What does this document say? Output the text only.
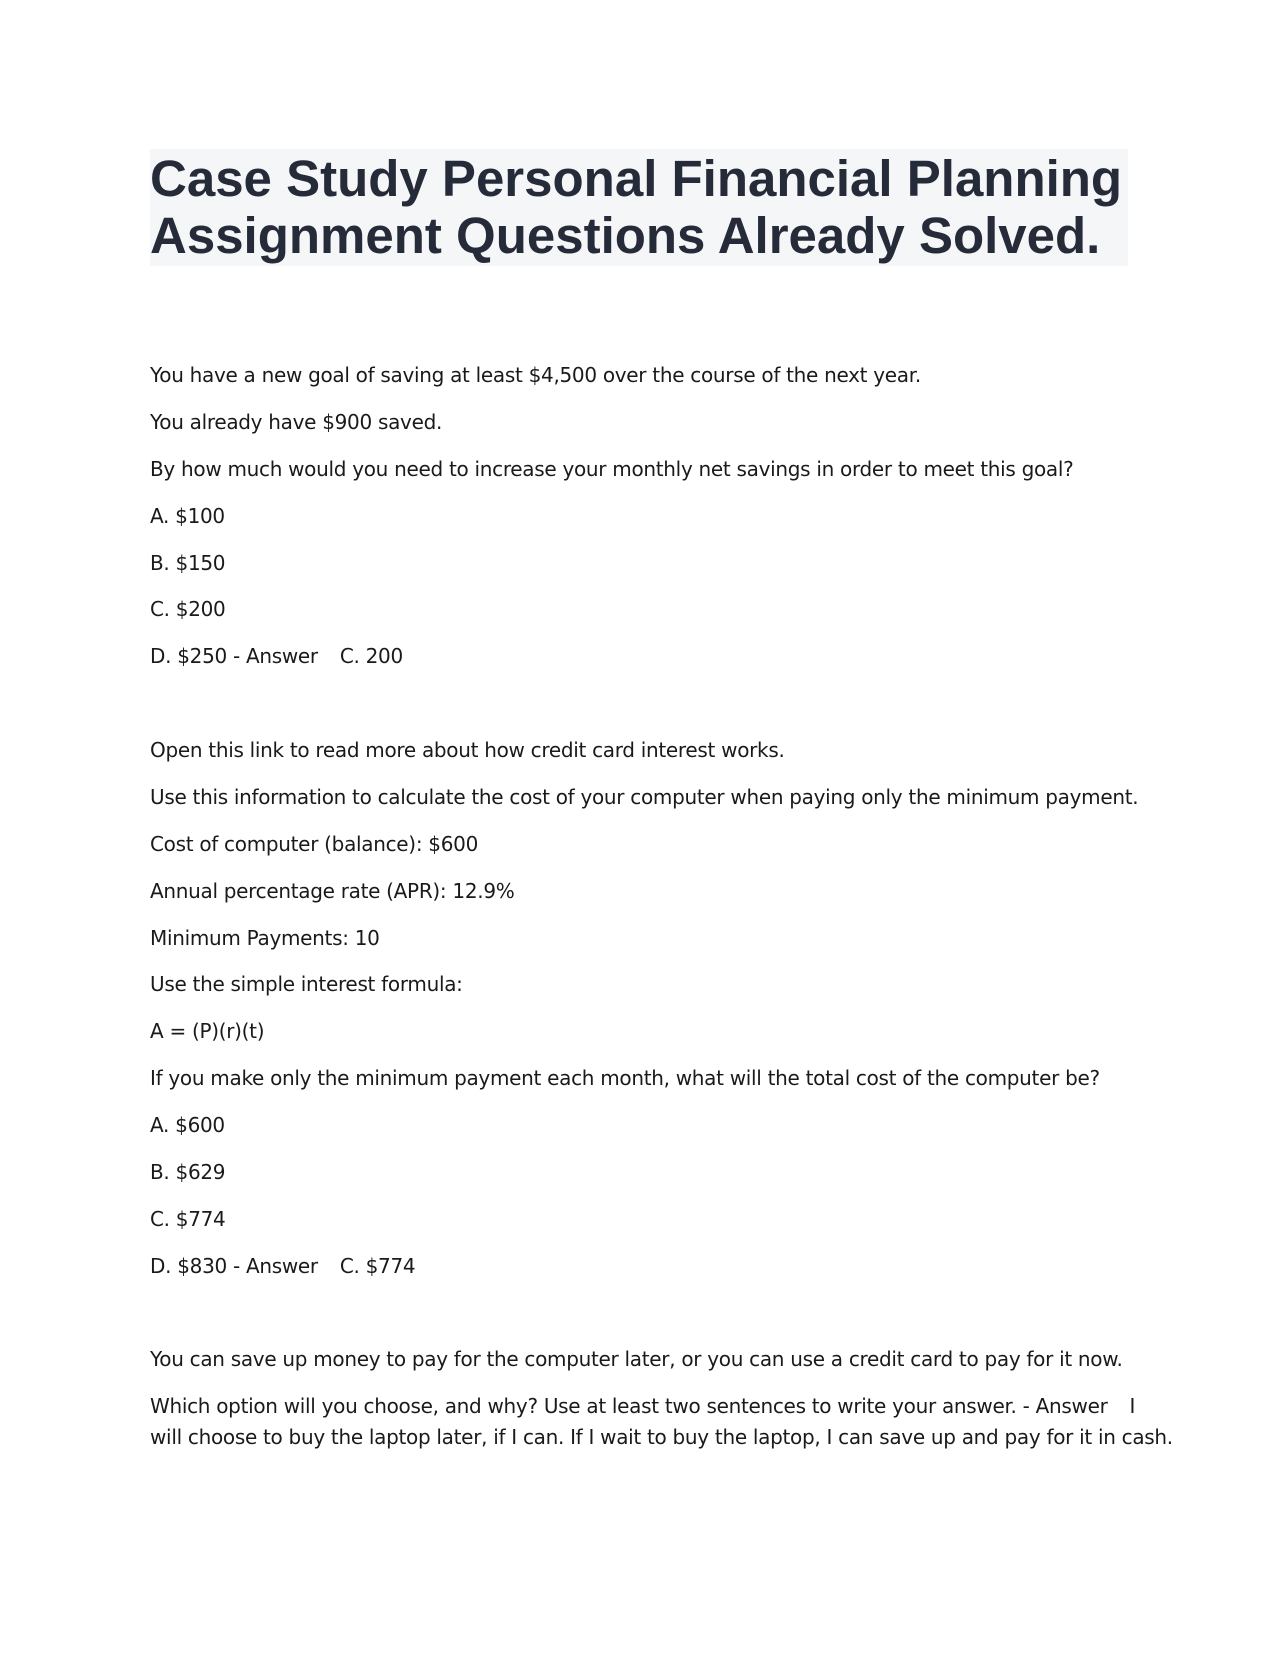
Case Study Personal Financial Planning
Assignment Questions Already Solved.
You have a new goal of saving at least $4,500 over the course of the next year.
You already have $900 saved.
By how much would you need to increase your monthly net savings in order to meet this goal?
A. $100
B. $150
C. $200
D. $250 - Answer C. 200
Open this link to read more about how credit card interest works.
Use this information to calculate the cost of your computer when paying only the minimum payment.
Cost of computer (balance): $600
Annual percentage rate (APR): 12.9%
Minimum Payments: 10
Use the simple interest formula:
A = (P)(r)(t)
If you make only the minimum payment each month, what will the total cost of the computer be?
A. $600
B. $629
C. $774
D. $830 - Answer C. $774
You can save up money to pay for the computer later, or you can use a credit card to pay for it now.
Which option will you choose, and why? Use at least two sentences to write your answer. - Answer I
will choose to buy the laptop later, if I can. If I wait to buy the laptop, I can save up and pay for it in cash.
